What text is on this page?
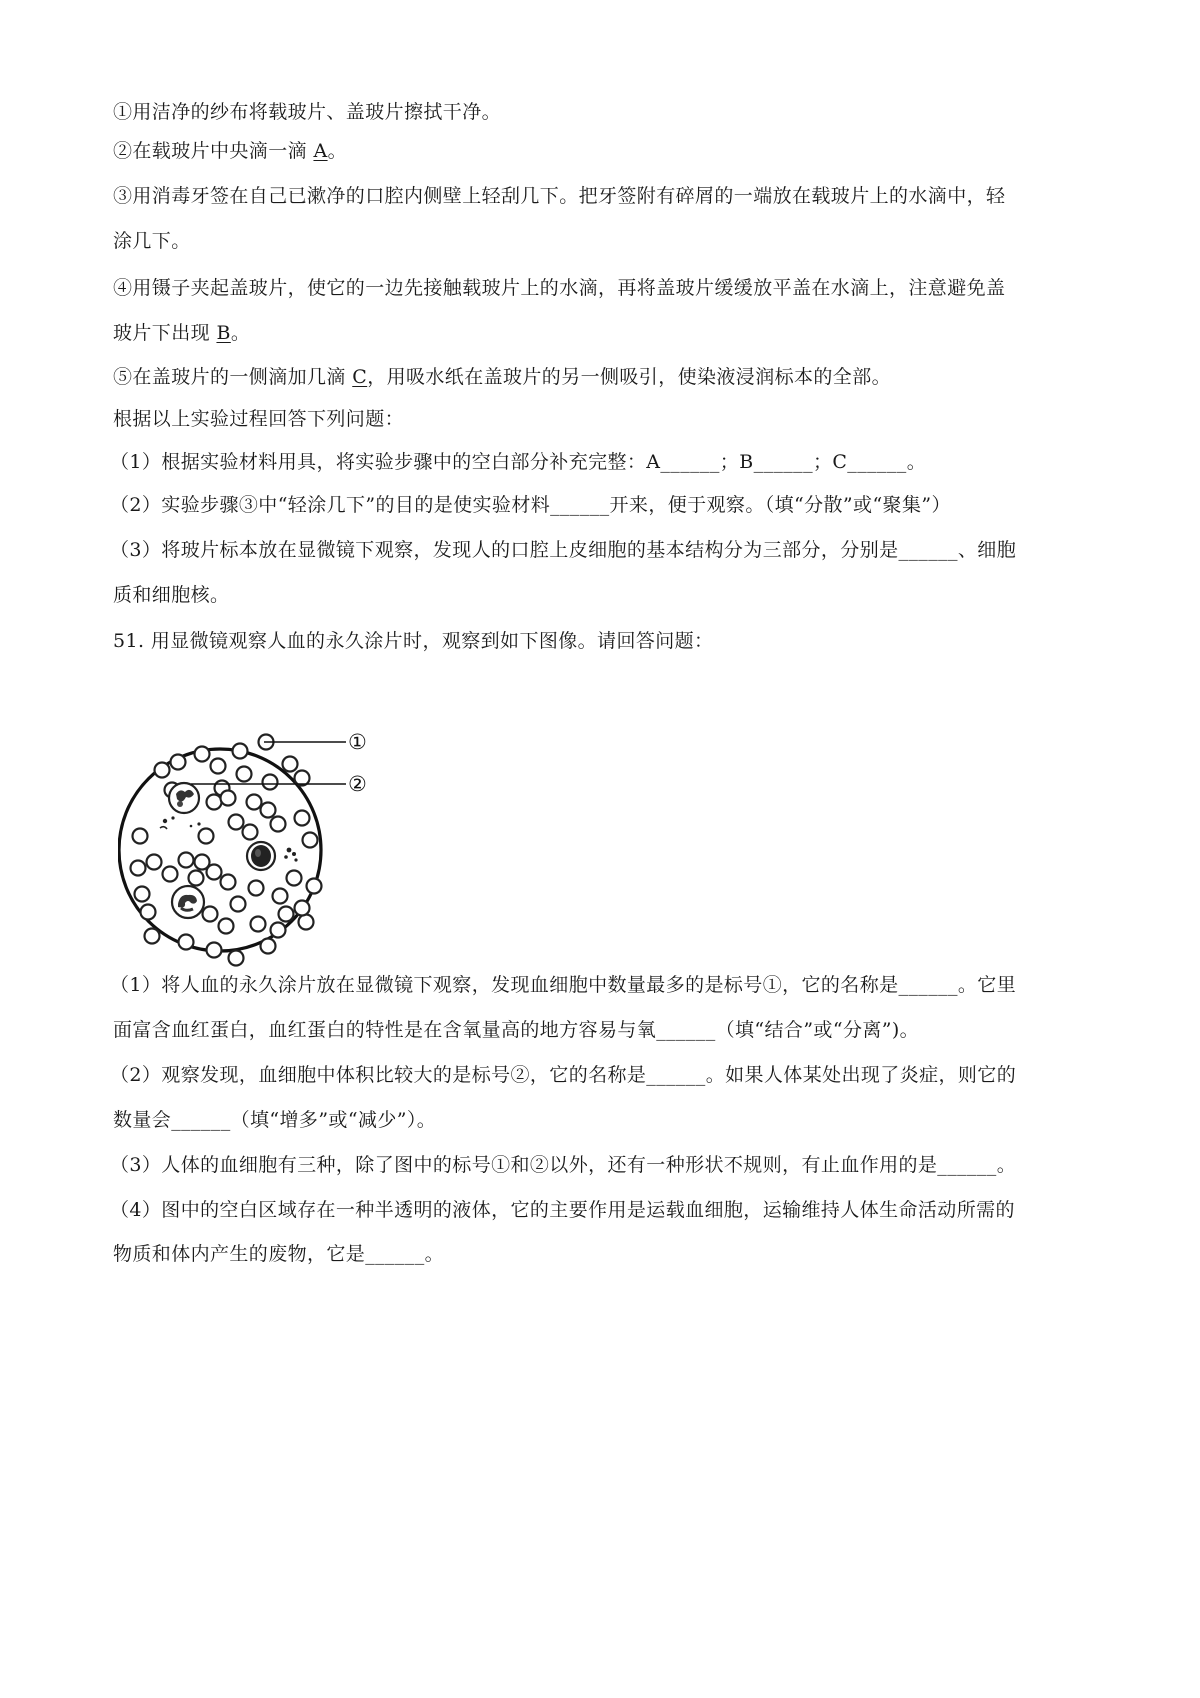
①用洁净的纱布将载玻片、盖玻片擦拭干净。
②在载玻片中央滴一滴 A。
③用消毒牙签在自己已漱净的口腔内侧壁上轻刮几下。把牙签附有碎屑的一端放在载玻片上的水滴中，轻
涂几下。
④用镊子夹起盖玻片，使它的一边先接触载玻片上的水滴，再将盖玻片缓缓放平盖在水滴上，注意避免盖
玻片下出现 B。
⑤在盖玻片的一侧滴加几滴 C，用吸水纸在盖玻片的另一侧吸引，使染液浸润标本的全部。
根据以上实验过程回答下列问题：
（1）根据实验材料用具，将实验步骤中的空白部分补充完整：A______；B______；C______。
（2）实验步骤③中“轻涂几下”的目的是使实验材料______开来，便于观察。（填“分散”或“聚集”）
（3）将玻片标本放在显微镜下观察，发现人的口腔上皮细胞的基本结构分为三部分，分别是______、细胞
质和细胞核。
51. 用显微镜观察人血的永久涂片时，观察到如下图像。请回答问题：
①
②
（1）将人血的永久涂片放在显微镜下观察，发现血细胞中数量最多的是标号①，它的名称是______。它里
面富含血红蛋白，血红蛋白的特性是在含氧量高的地方容易与氧______（填“结合”或“分离”)。
（2）观察发现，血细胞中体积比较大的是标号②，它的名称是______。如果人体某处出现了炎症，则它的
数量会______（填“增多”或“减少”）。
（3）人体的血细胞有三种，除了图中的标号①和②以外，还有一种形状不规则，有止血作用的是______。
（4）图中的空白区域存在一种半透明的液体，它的主要作用是运载血细胞，运输维持人体生命活动所需的
物质和体内产生的废物，它是______。
